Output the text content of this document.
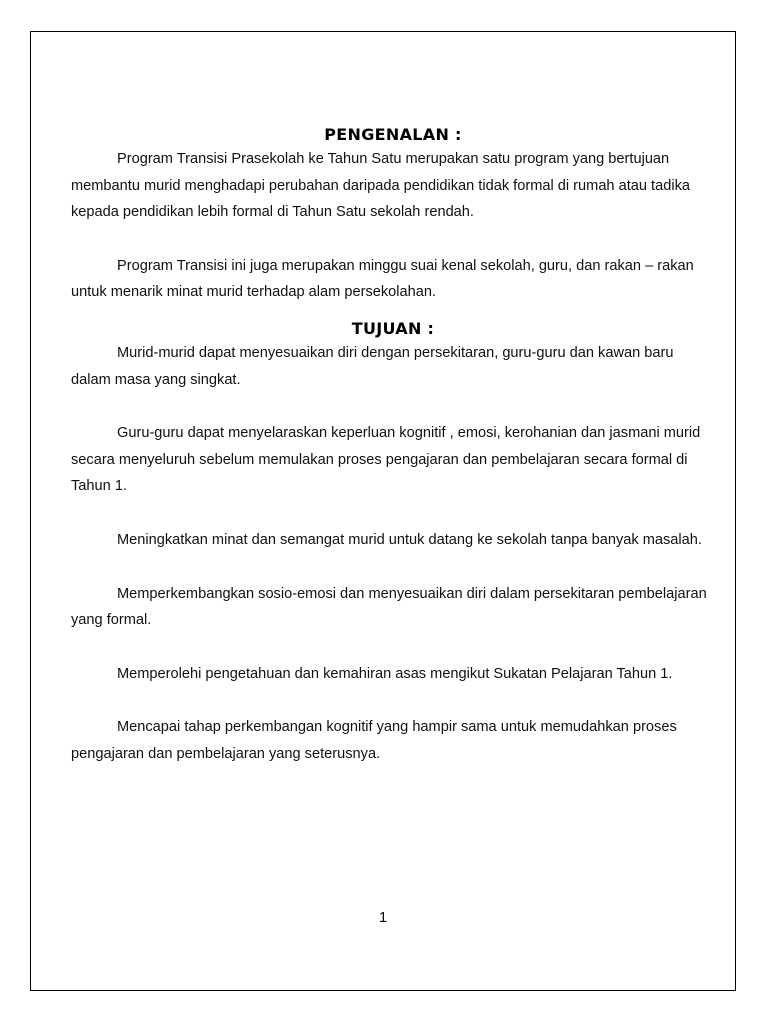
PENGENALAN :

Program Transisi Prasekolah ke Tahun Satu merupakan satu program yang bertujuan membantu murid menghadapi perubahan daripada pendidikan tidak formal di rumah atau tadika kepada pendidikan lebih formal di Tahun Satu sekolah rendah.

Program Transisi ini juga merupakan minggu suai kenal sekolah, guru, dan rakan – rakan untuk menarik minat murid terhadap alam persekolahan.

TUJUAN :

Murid-murid dapat menyesuaikan diri dengan persekitaran, guru-guru dan kawan baru dalam masa yang singkat.

Guru-guru dapat menyelaraskan keperluan kognitif , emosi, kerohanian dan jasmani murid secara menyeluruh sebelum memulakan proses pengajaran dan pembelajaran secara formal di Tahun 1.

Meningkatkan minat dan semangat murid untuk datang ke sekolah tanpa banyak masalah.

Memperkembangkan sosio-emosi dan menyesuaikan diri dalam persekitaran pembelajaran yang formal.

Memperolehi pengetahuan dan kemahiran asas mengikut Sukatan Pelajaran Tahun 1.

Mencapai tahap perkembangan kognitif yang hampir sama untuk memudahkan proses pengajaran dan pembelajaran yang seterusnya.

1
